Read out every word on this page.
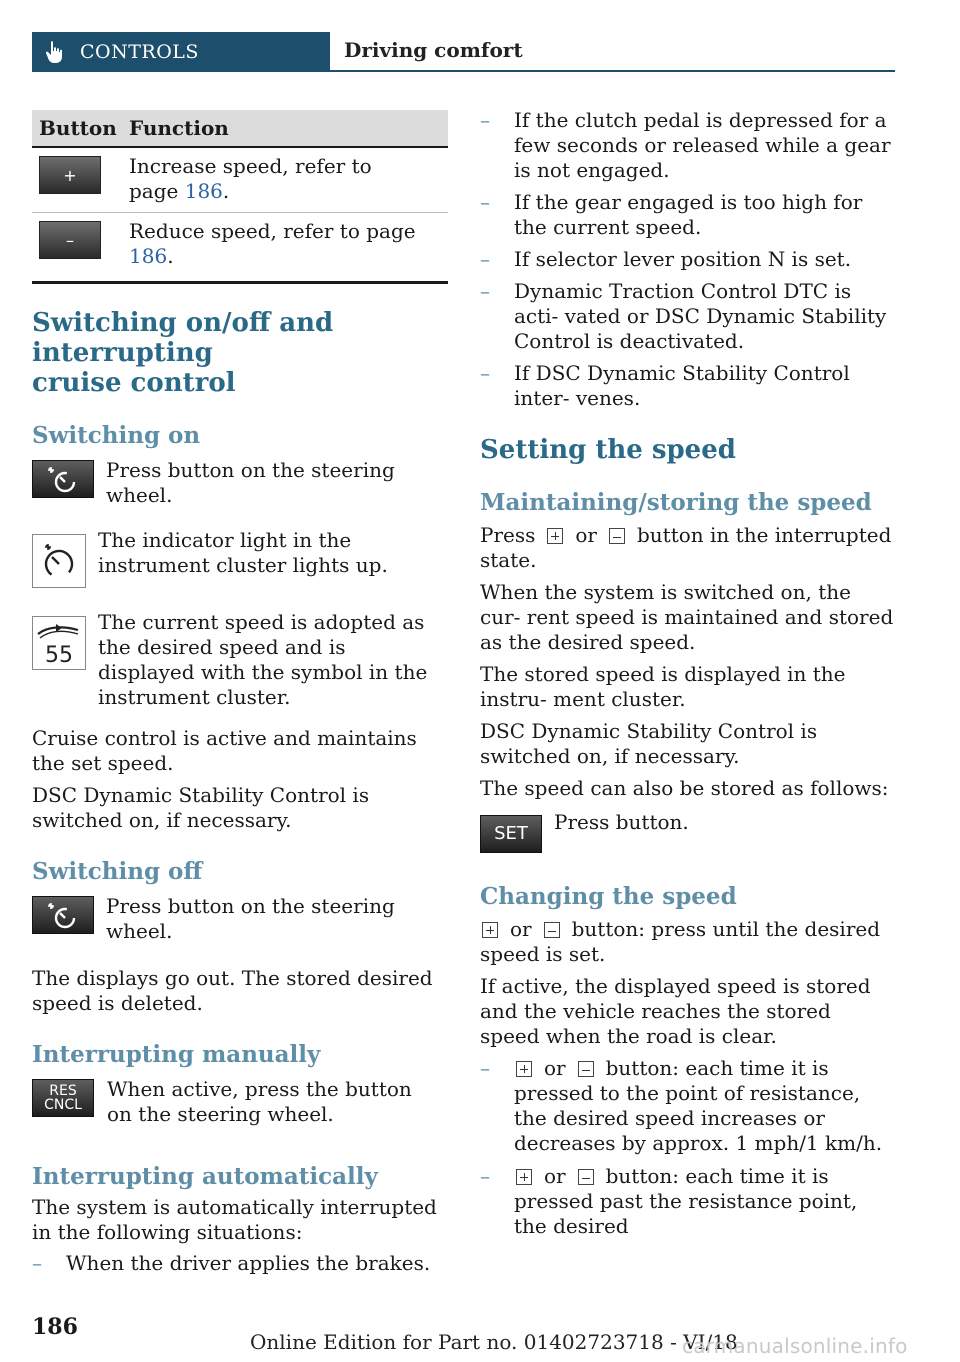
CONTROLS	Driving comfort
Button	Function

+	Increase speed, refer to
page 186.

–	Reduce speed, refer to page 186.
Switching on/off and interrupting
cruise control
Switching on

Press button on the steering wheel.

The indicator light in the instrument cluster lights up.

55

The current speed is adopted as the desired speed and is displayed with the symbol in the instrument cluster.

Cruise control is active and maintains the set speed.

DSC Dynamic Stability Control is switched on, if necessary.

Switching off

Press button on the steering wheel.

The displays go out. The stored desired speed is deleted.

Interrupting manually
RES
CNCL

When active, press the button on the steering wheel.

Interrupting automatically

The system is automatically interrupted in the following situations:

– When the driver applies the brakes.
– If the clutch pedal is depressed for a few seconds or released while a gear is not engaged.
– If the gear engaged is too high for the current speed.
– If selector lever position N is set.
– Dynamic Traction Control DTC is acti‐ vated or DSC Dynamic Stability Control is deactivated.
– If DSC Dynamic Stability Control inter‐ venes.
Setting the speed
Maintaining/storing the speed

Press or button in the interrupted state.

When the system is switched on, the cur‐ rent speed is maintained and stored as the desired speed.

The stored speed is displayed in the instru‐ ment cluster.

DSC Dynamic Stability Control is switched on, if necessary.

The speed can also be stored as follows:

SET Press button.

Changing the speed

or button: press until the desired speed is set.

If active, the displayed speed is stored and the vehicle reaches the stored speed when the road is clear.

–	or button: each time it is pressed to the point of resistance, the desired speed increases or decreases by approx. 1 mph/1 km/h.
–	or button: each time it is pressed past the resistance point, the desired
186
Online Edition for Part no. 01402723718 - VI/18
carmanualsonline.info
